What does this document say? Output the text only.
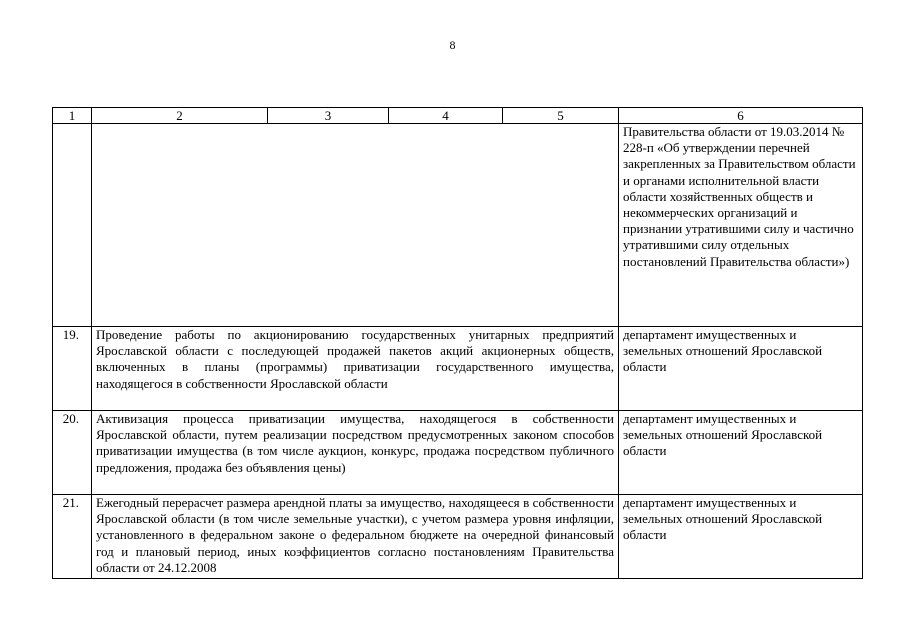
8
1	2	3	4	5	6
					Правительства области от 19.03.2014 № 228-п «Об утверждении перечней закрепленных за Правительством области и органами исполнительной власти области хозяйственных обществ и некоммерческих организаций и признании утратившими силу и частично утратившими силу отдельных постановлений Правительства области»)
19.	Проведение работы по акционированию государственных унитарных предприятий Ярославской области с последующей продажей пакетов акций акционерных обществ, включенных в планы (программы) приватизации государственного имущества, находящегося в собственности Ярославской области				департамент имущественных и земельных отношений Ярославской области
20.	Активизация процесса приватизации имущества, находящегося в собственности Ярославской области, путем реализации посредством предусмотренных законом способов приватизации имущества (в том числе аукцион, конкурс, продажа посредством публичного предложения, продажа без объявления цены)				департамент имущественных и земельных отношений Ярославской области
21.	Ежегодный перерасчет размера арендной платы за имущество, находящееся в собственности Ярославской области (в том числе земельные участки), с учетом размера уровня инфляции, установленного в федеральном законе о федеральном бюджете на очередной финансовый год и плановый период, иных коэффициентов согласно постановлениям Правительства области от 24.12.2008				департамент имущественных и земельных отношений Ярославской области
